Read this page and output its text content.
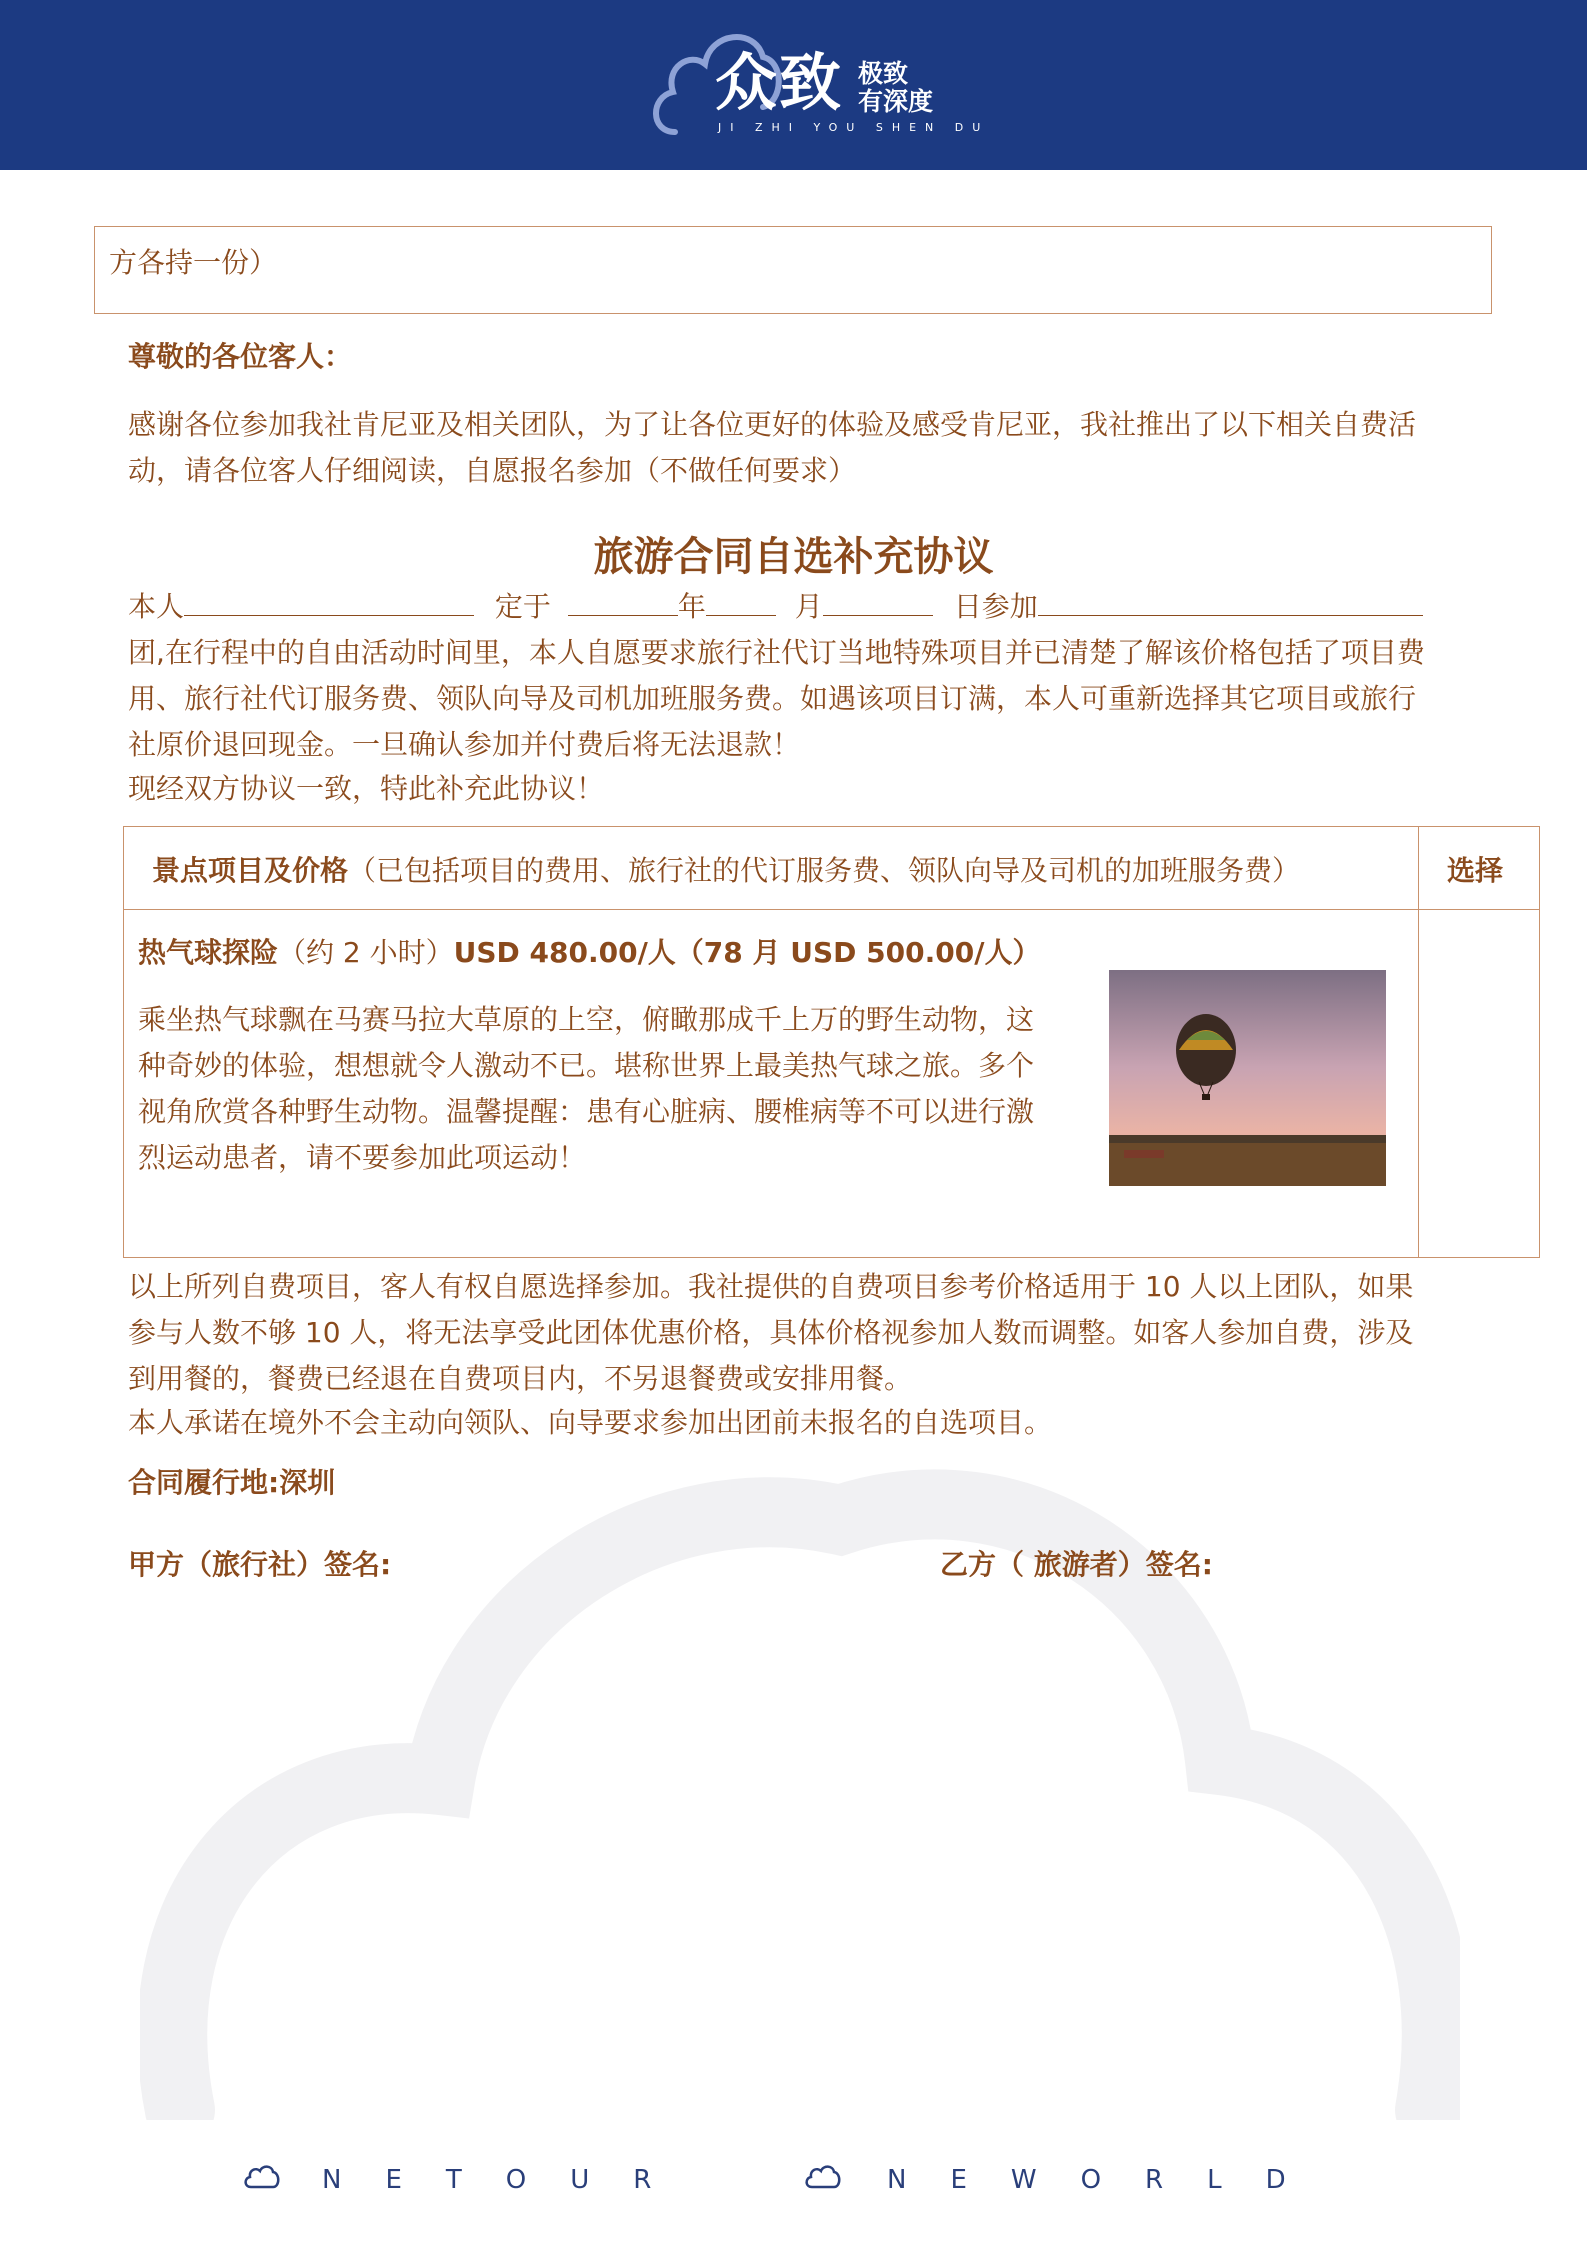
众致 极致
有深度
JI ZHI YOU SHEN DU
方各持一份）
尊敬的各位客人：
感谢各位参加我社肯尼亚及相关团队，为了让各位更好的体验及感受肯尼亚，我社推出了以下相关自费活
动，请各位客人仔细阅读，自愿报名参加（不做任何要求）
旅游合同自选补充协议
本人	定于	年	月	日参加
团,在行程中的自由活动时间里，本人自愿要求旅行社代订当地特殊项目并已清楚了解该价格包括了项目费
用、旅行社代订服务费、领队向导及司机加班服务费。如遇该项目订满，本人可重新选择其它项目或旅行
社原价退回现金。一旦确认参加并付费后将无法退款！
现经双方协议一致，特此补充此协议！
景点项目及价格（已包括项目的费用、旅行社的代订服务费、领队向导及司机的加班服务费）	选择
热气球探险（约 2 小时）USD 480.00/人（78 月 USD 500.00/人）
乘坐热气球飘在马赛马拉大草原的上空，俯瞰那成千上万的野生动物，这
种奇妙的体验，想想就令人激动不已。堪称世界上最美热气球之旅。多个
视角欣赏各种野生动物。温馨提醒：患有心脏病、腰椎病等不可以进行激
烈运动患者，请不要参加此项运动！
以上所列自费项目，客人有权自愿选择参加。我社提供的自费项目参考价格适用于 10 人以上团队，如果
参与人数不够 10 人，将无法享受此团体优惠价格，具体价格视参加人数而调整。如客人参加自费，涉及
到用餐的，餐费已经退在自费项目内，不另退餐费或安排用餐。
本人承诺在境外不会主动向领队、向导要求参加出团前未报名的自选项目。
合同履行地:深圳
甲方（旅行社）签名:	乙方（ 旅游者）签名:
NETOUR	NEWORLD
